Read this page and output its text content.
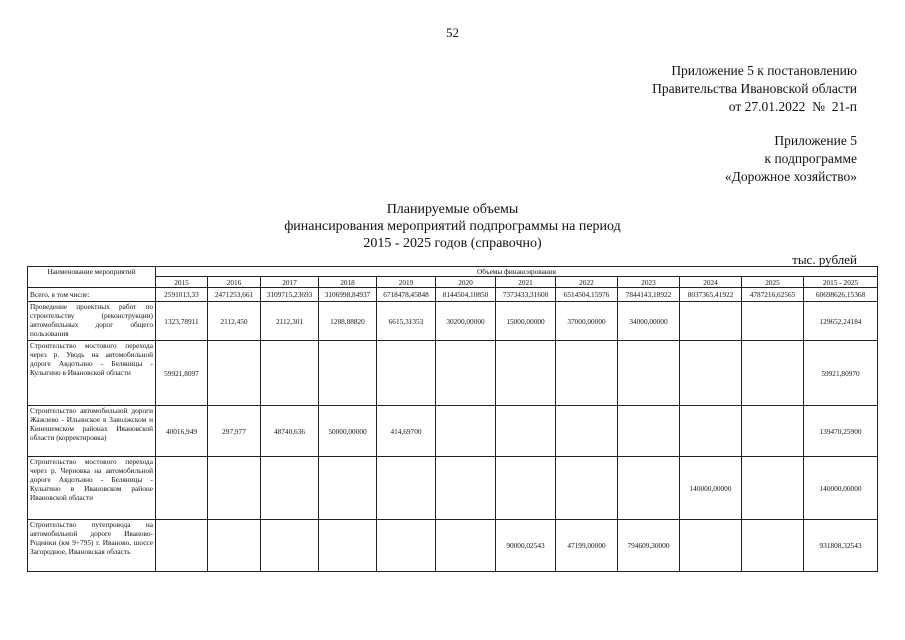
52
Приложение 5 к постановлению
Правительства Ивановской области
от 27.01.2022  №  21-п
Приложение 5
к подпрограмме
«Дорожное хозяйство»
Планируемые объемы
финансирования мероприятий подпрограммы на период
2015 - 2025 годов (справочно)
тыс. рублей
Наименование мероприятий	Объемы финансирования											
	2015	2016	2017	2018	2019	2020	2021	2022	2023	2024	2025	2015 - 2025
Всего, в том числе:	2591013,33	2471253,661	3109715,23693	3106998,84937	6718478,45848	8144504,10850	7373433,31600	6514504,15976	7844143,18922	8037365,41922	4787216,62565	60698626,15368
Проведение проектных работ по строительству (реконструкции) автомобильных дорог общего пользования	1323,78911	2112,450	2112,301	1288,88820	6615,31353	30200,00000	15000,00000	37000,00000	34000,00000			129652,24184
Строительство мостового перехода через р. Уводь на автомобильной дороге Авдотьино - Беляницы - Кулыгино в Ивановской области	59921,8097											59921,80970
Строительство автомобильной дороги Жажлево - Ильинское в Заволжском и Кинешемском районах Ивановской области (корректировка)	40016,949	297,977	48740,636	50000,00000	414,69700							139470,25900
Строительство мостового перехода через р. Черновка на автомобильной дороге Авдотьино - Беляницы - Кулыгино в Ивановском районе Ивановской области										140000,00000		140000,00000
Строительство путепровода на автомобильной дороге Иваново-Родники (км 9+795) г. Иваново, шоссе Загородное, Ивановская область							90000,02543	47199,00000	794609,30000			931808,32543
